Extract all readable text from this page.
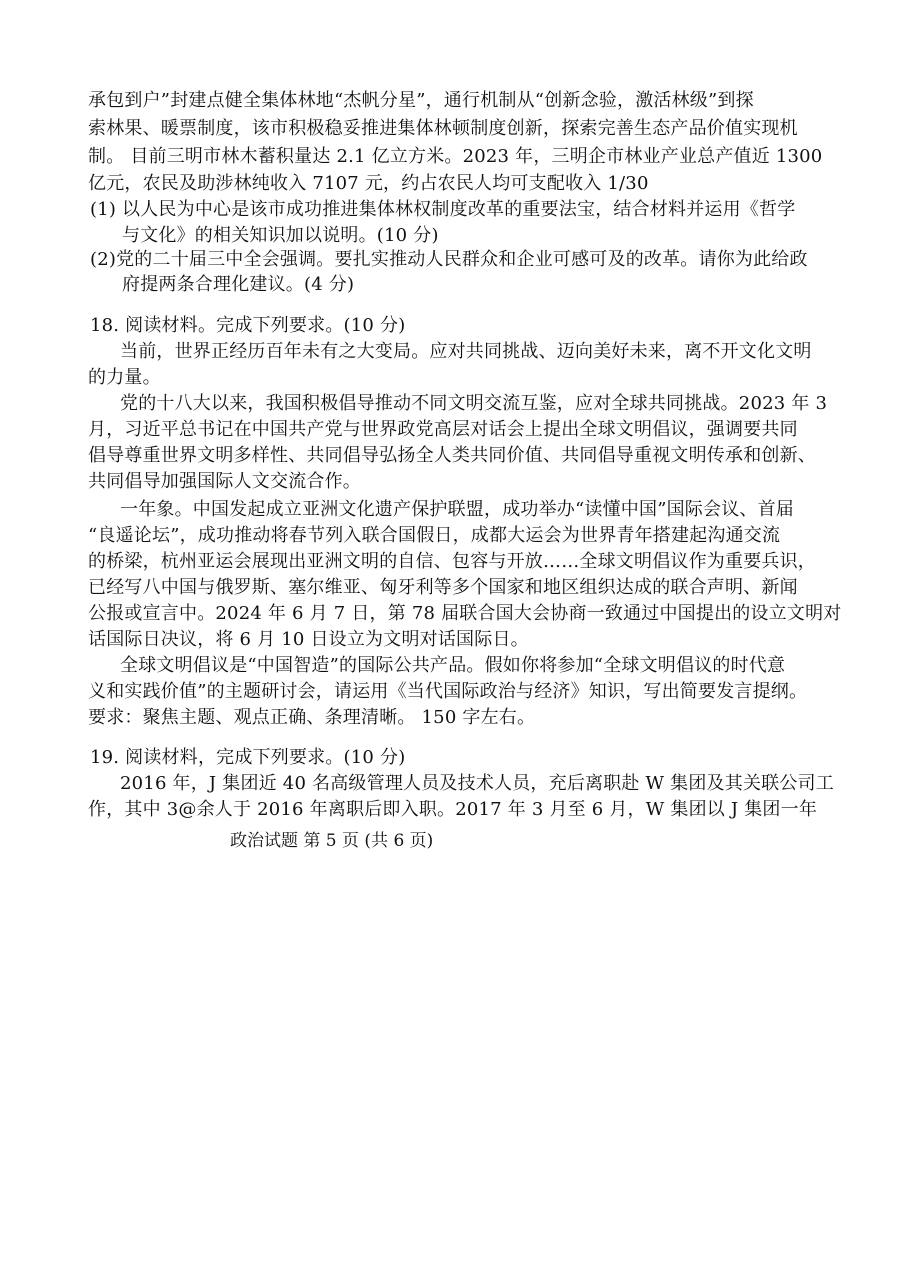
承包到户”封建点健全集体林地“杰帆分星”，通行机制从“创新念验，激活林级”到探
索林果、暖票制度，该市积极稳妥推进集体林顿制度创新，探索完善生态产品价值实现机
制。 目前三明市林木蓄积量达 2.1 亿立方米。2023 年，三明企市林业产业总产值近 1300
亿元，农民及助涉林纯收入 7107 元，约占农民人均可支配收入 1/30
(1) 以人民为中心是该市成功推进集体林权制度改革的重要法宝，结合材料并运用《哲学
与文化》的相关知识加以说明。(10 分)
(2)党的二十届三中全会强调。要扎实推动人民群众和企业可感可及的改革。请你为此给政
府提两条合理化建议。(4 分)
18. 阅读材料。完成下列要求。(10 分)
当前，世界正经历百年未有之大变局。应对共同挑战、迈向美好未来，离不开文化文明
的力量。
党的十八大以来，我国积极倡导推动不同文明交流互鉴，应对全球共同挑战。2023 年 3
月，习近平总书记在中国共产党与世界政党高层对话会上提出全球文明倡议，强调要共同
倡导尊重世界文明多样性、共同倡导弘扬全人类共同价值、共同倡导重视文明传承和创新、
共同倡导加强国际人文交流合作。
一年象。中国发起成立亚洲文化遗产保护联盟，成功举办“读懂中国”国际会议、首届
“良遥论坛”，成功推动将春节列入联合国假日，成都大运会为世界青年搭建起沟通交流
的桥梁，杭州亚运会展现出亚洲文明的自信、包容与开放……全球文明倡议作为重要兵识，
已经写八中国与俄罗斯、塞尔维亚、匈牙利等多个国家和地区组织达成的联合声明、新闻
公报或宣言中。2024 年 6 月 7 日，第 78 届联合国大会协商一致通过中国提出的设立文明对
话国际日决议，将 6 月 10 日设立为文明对话国际日。
全球文明倡议是“中国智造”的国际公共产品。假如你将参加“全球文明倡议的时代意
义和实践价值”的主题研讨会，请运用《当代国际政治与经济》知识，写出简要发言提纲。
要求：聚焦主题、观点正确、条理清晰。 150 字左右。
19. 阅读材料，完成下列要求。(10 分)
2016 年，J 集团近 40 名高级管理人员及技术人员，充后离职赴 W 集团及其关联公司工
作，其中 3@余人于 2016 年离职后即入职。2017 年 3 月至 6 月，W 集团以 J 集团一年
政治试题 第 5 页 (共 6 页)
